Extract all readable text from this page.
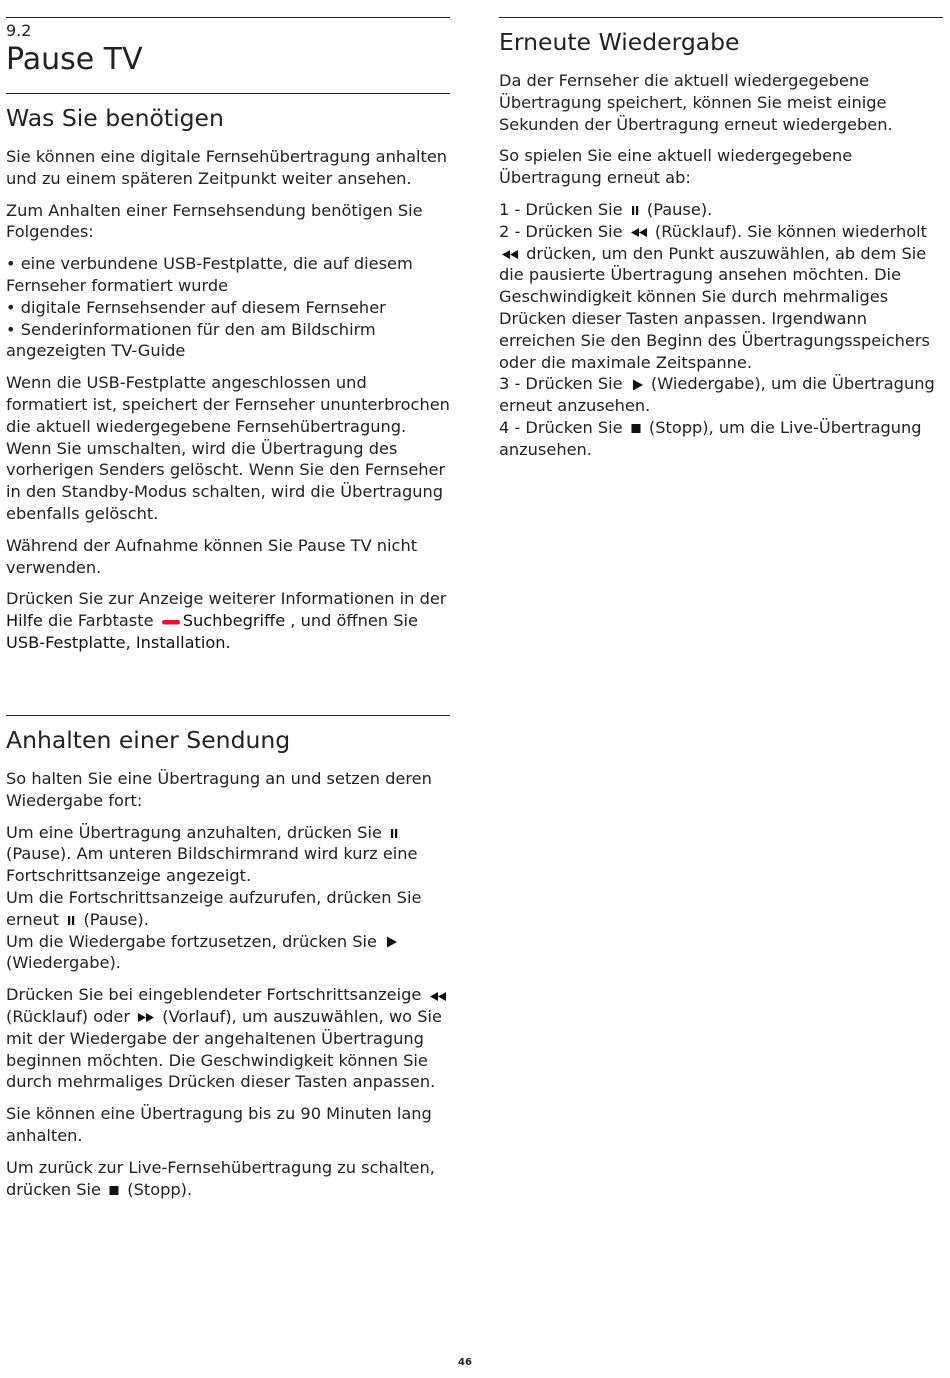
9.2
Pause TV
Was Sie benötigen

Sie können eine digitale Fernsehübertragung anhalten und zu einem späteren Zeitpunkt weiter ansehen.

Zum Anhalten einer Fernsehsendung benötigen Sie Folgendes:

• eine verbundene USB-Festplatte, die auf diesem Fernseher formatiert wurde
• digitale Fernsehsender auf diesem Fernseher
• Senderinformationen für den am Bildschirm angezeigten TV-Guide

Wenn die USB-Festplatte angeschlossen und formatiert ist, speichert der Fernseher ununterbrochen die aktuell wiedergegebene Fernsehübertragung. Wenn Sie umschalten, wird die Übertragung des vorherigen Senders gelöscht. Wenn Sie den Fernseher in den Standby-Modus schalten, wird die Übertragung ebenfalls gelöscht.

Während der Aufnahme können Sie Pause TV nicht verwenden.

Drücken Sie zur Anzeige weiterer Informationen in der Hilfe die Farbtaste
Suchbegriffe , und öffnen Sie USB-Festplatte, Installation.

Anhalten einer Sendung

So halten Sie eine Übertragung an und setzen deren Wiedergabe fort:

Um eine Übertragung anzuhalten, drücken Sie
(Pause). Am unteren Bildschirmrand wird kurz eine Fortschrittsanzeige angezeigt.
Um die Fortschrittsanzeige aufzurufen, drücken Sie erneut
(Pause).
Um die Wiedergabe fortzusetzen, drücken Sie
(Wiedergabe).

Drücken Sie bei eingeblendeter Fortschrittsanzeige
(Rücklauf) oder
(Vorlauf), um auszuwählen, wo Sie mit der Wiedergabe der angehaltenen Übertragung beginnen möchten. Die Geschwindigkeit können Sie durch mehrmaliges Drücken dieser Tasten anpassen.

Sie können eine Übertragung bis zu 90 Minuten lang anhalten.

Um zurück zur Live-Fernsehübertragung zu schalten, drücken Sie
(Stopp).

Erneute Wiedergabe

Da der Fernseher die aktuell wiedergegebene Übertragung speichert, können Sie meist einige Sekunden der Übertragung erneut wiedergeben.

So spielen Sie eine aktuell wiedergegebene Übertragung erneut ab:

1 - Drücken Sie
(Pause).
2 - Drücken Sie
(Rücklauf). Sie können wiederholt
drücken, um den Punkt auszuwählen, ab dem Sie die pausierte Übertragung ansehen möchten. Die Geschwindigkeit können Sie durch mehrmaliges Drücken dieser Tasten anpassen. Irgendwann erreichen Sie den Beginn des Übertragungsspeichers oder die maximale Zeitspanne.
3 - Drücken Sie
(Wiedergabe), um die Übertragung erneut anzusehen.
4 - Drücken Sie
(Stopp), um die Live-Übertragung anzusehen.
46
